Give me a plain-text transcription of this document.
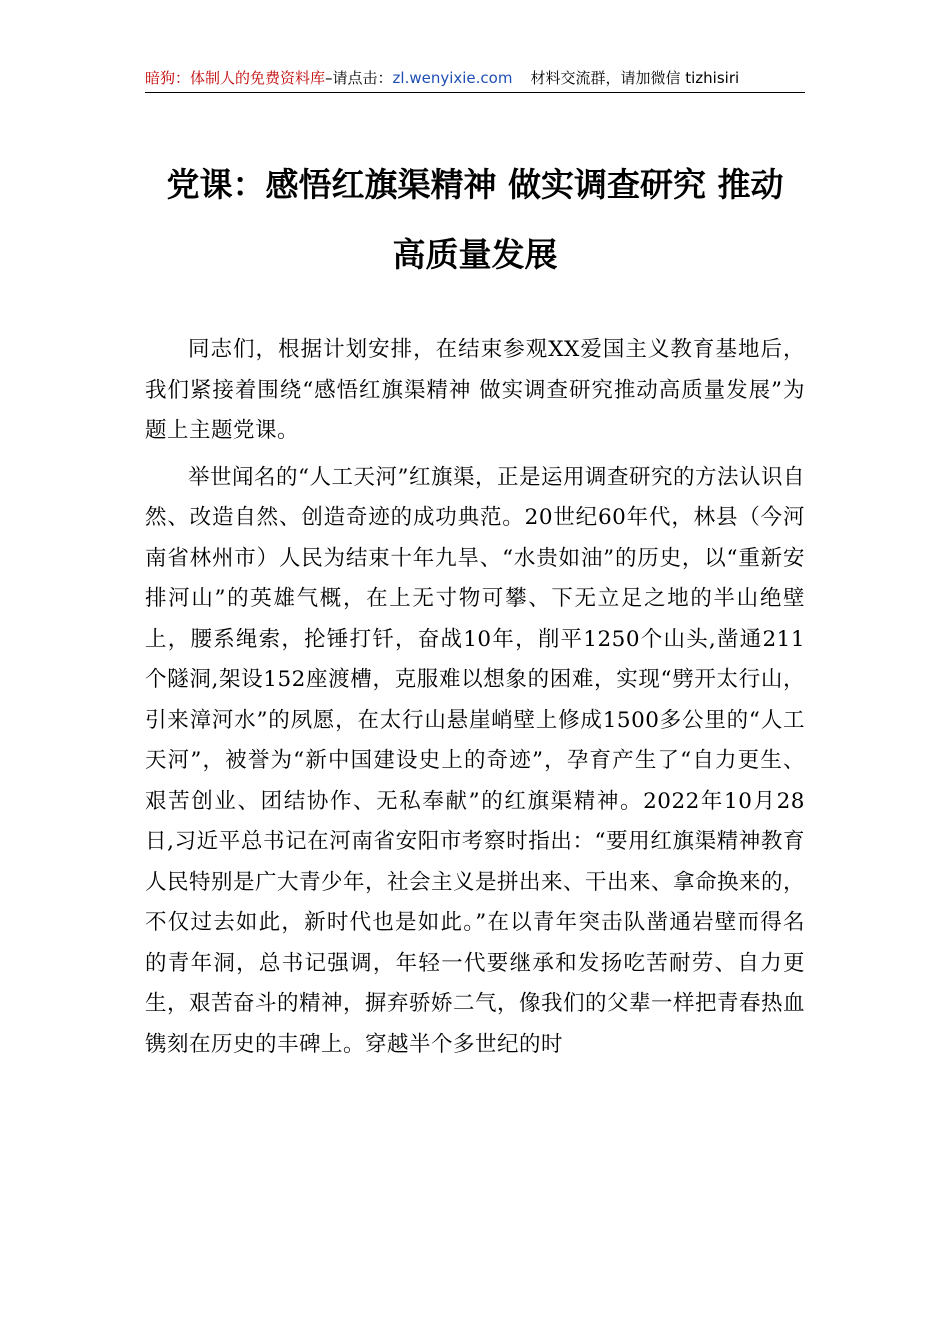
暗狗：体制人的免费资料库–请点击：zl.wenyixie.com 材料交流群，请加微信 tizhisiri
党课：感悟红旗渠精神 做实调查研究 推动
高质量发展

同志们，根据计划安排，在结束参观XX爱国主义教育基地后，我们紧接着围绕“感悟红旗渠精神 做实调查研究推动高质量发展”为题上主题党课。

举世闻名的“人工天河”红旗渠，正是运用调查研究的方法认识自然、改造自然、创造奇迹的成功典范。20世纪60年代，林县（今河南省林州市）人民为结束十年九旱、“水贵如油”的历史，以“重新安排河山”的英雄气概，在上无寸物可攀、下无立足之地的半山绝壁上，腰系绳索，抡锤打钎，奋战10年，削平1250个山头,凿通211个隧洞,架设152座渡槽，克服难以想象的困难，实现“劈开太行山，引来漳河水”的夙愿，在太行山悬崖峭壁上修成1500多公里的“人工天河”，被誉为“新中国建设史上的奇迹”，孕育产生了“自力更生、艰苦创业、团结协作、无私奉献”的红旗渠精神。2022年10月28日,习近平总书记在河南省安阳市考察时指出：“要用红旗渠精神教育人民特别是广大青少年，社会主义是拼出来、干出来、拿命换来的，不仅过去如此，新时代也是如此。”在以青年突击队凿通岩壁而得名的青年洞，总书记强调，年轻一代要继承和发扬吃苦耐劳、自力更生，艰苦奋斗的精神，摒弃骄娇二气，像我们的父辈一样把青春热血镌刻在历史的丰碑上。穿越半个多世纪的时
